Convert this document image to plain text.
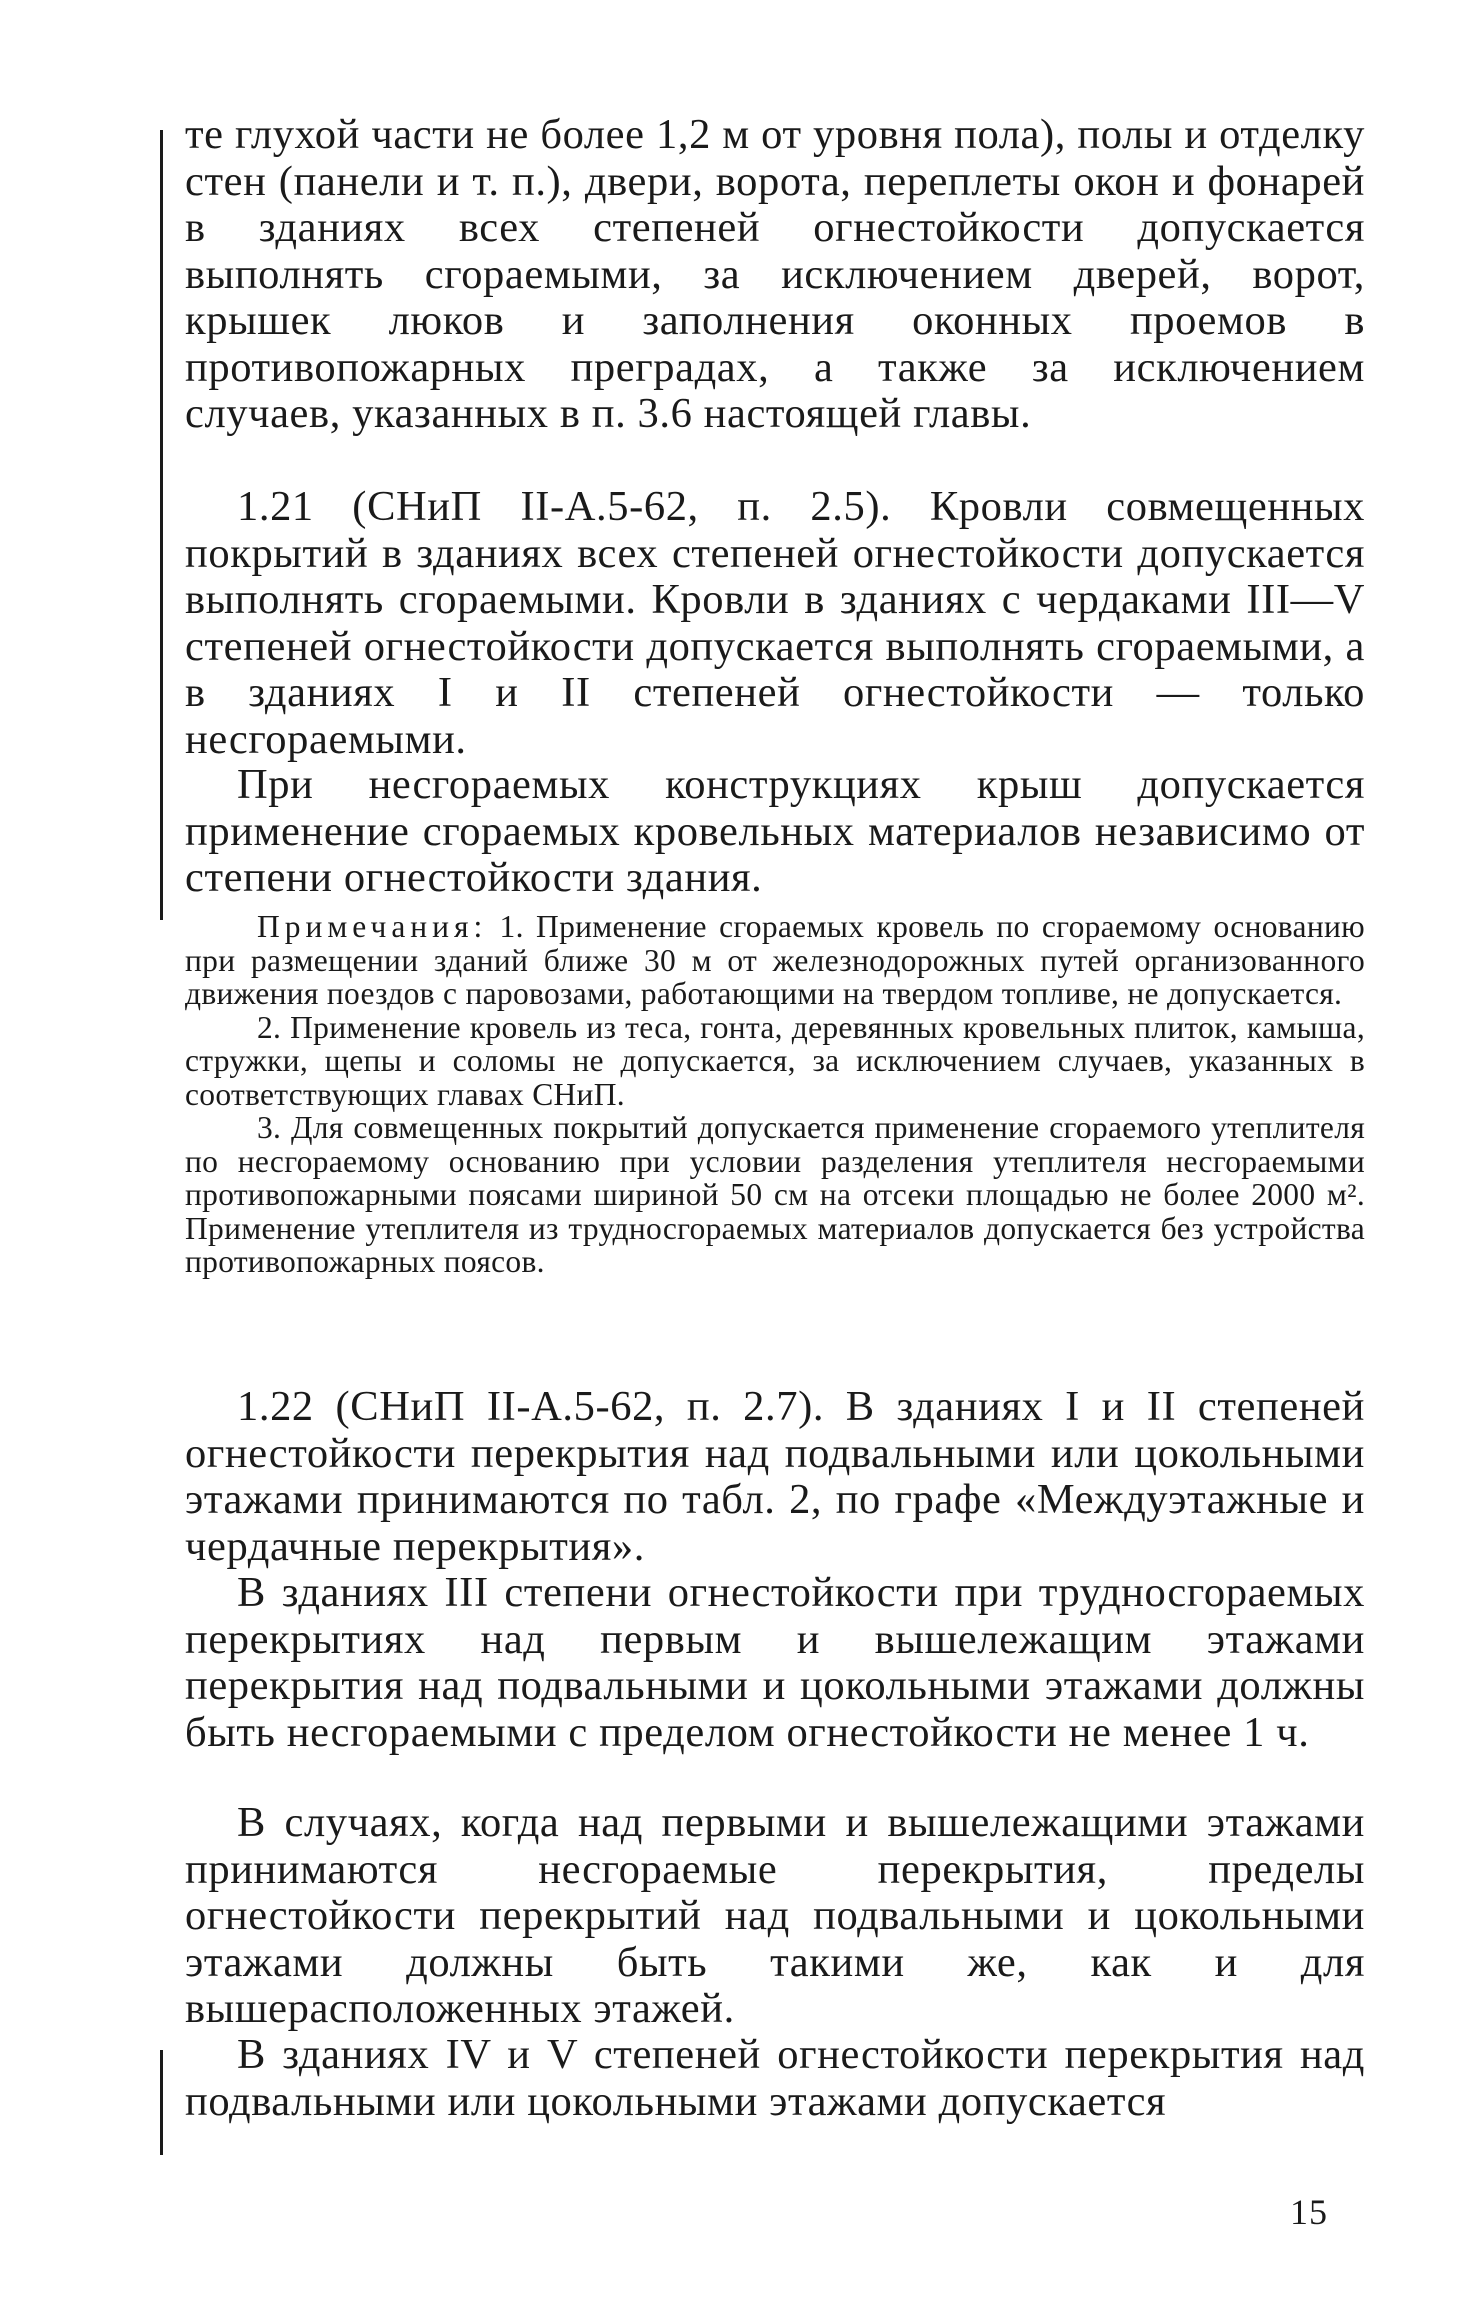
те глухой части не более 1,2 м от уровня пола), полы и отделку стен (панели и т. п.), двери, ворота, переплеты окон и фонарей в зданиях всех степеней огнестойкости допускается выполнять сгораемыми, за исключением дверей, ворот, крышек люков и заполнения оконных проемов в противопожарных преградах, а также за исключением случаев, указанных в п. 3.6 настоящей главы.

1.21 (СНиП II-А.5-62, п. 2.5). Кровли совмещенных покрытий в зданиях всех степеней огнестойкости допускается выполнять сгораемыми. Кровли в зданиях с чердаками III—V степеней огнестойкости допускается выполнять сгораемыми, а в зданиях I и II степеней огнестойкости — только несгораемыми.

При несгораемых конструкциях крыш допускается применение сгораемых кровельных материалов независимо от степени огнестойкости здания.

Примечания: 1. Применение сгораемых кровель по сгораемому основанию при размещении зданий ближе 30 м от железнодорожных путей организованного движения поездов с паровозами, работающими на твердом топливе, не допускается.

2. Применение кровель из теса, гонта, деревянных кровельных плиток, камыша, стружки, щепы и соломы не допускается, за исключением случаев, указанных в соответствующих главах СНиП.

3. Для совмещенных покрытий допускается применение сгораемого утеплителя по несгораемому основанию при условии разделения утеплителя несгораемыми противопожарными поясами шириной 50 см на отсеки площадью не более 2000 м². Применение утеплителя из трудносгораемых материалов допускается без устройства противопожарных поясов.

1.22 (СНиП II-А.5-62, п. 2.7). В зданиях I и II степеней огнестойкости перекрытия над подвальными или цокольными этажами принимаются по табл. 2, по графе «Междуэтажные и чердачные перекрытия».

В зданиях III степени огнестойкости при трудносгораемых перекрытиях над первым и вышележащим этажами перекрытия над подвальными и цокольными этажами должны быть несгораемыми с пределом огнестойкости не менее 1 ч.

В случаях, когда над первыми и вышележащими этажами принимаются несгораемые перекрытия, пределы огнестойкости перекрытий над подвальными и цокольными этажами должны быть такими же, как и для вышерасположенных этажей.

В зданиях IV и V степеней огнестойкости перекрытия над подвальными или цокольными этажами допускается

15
